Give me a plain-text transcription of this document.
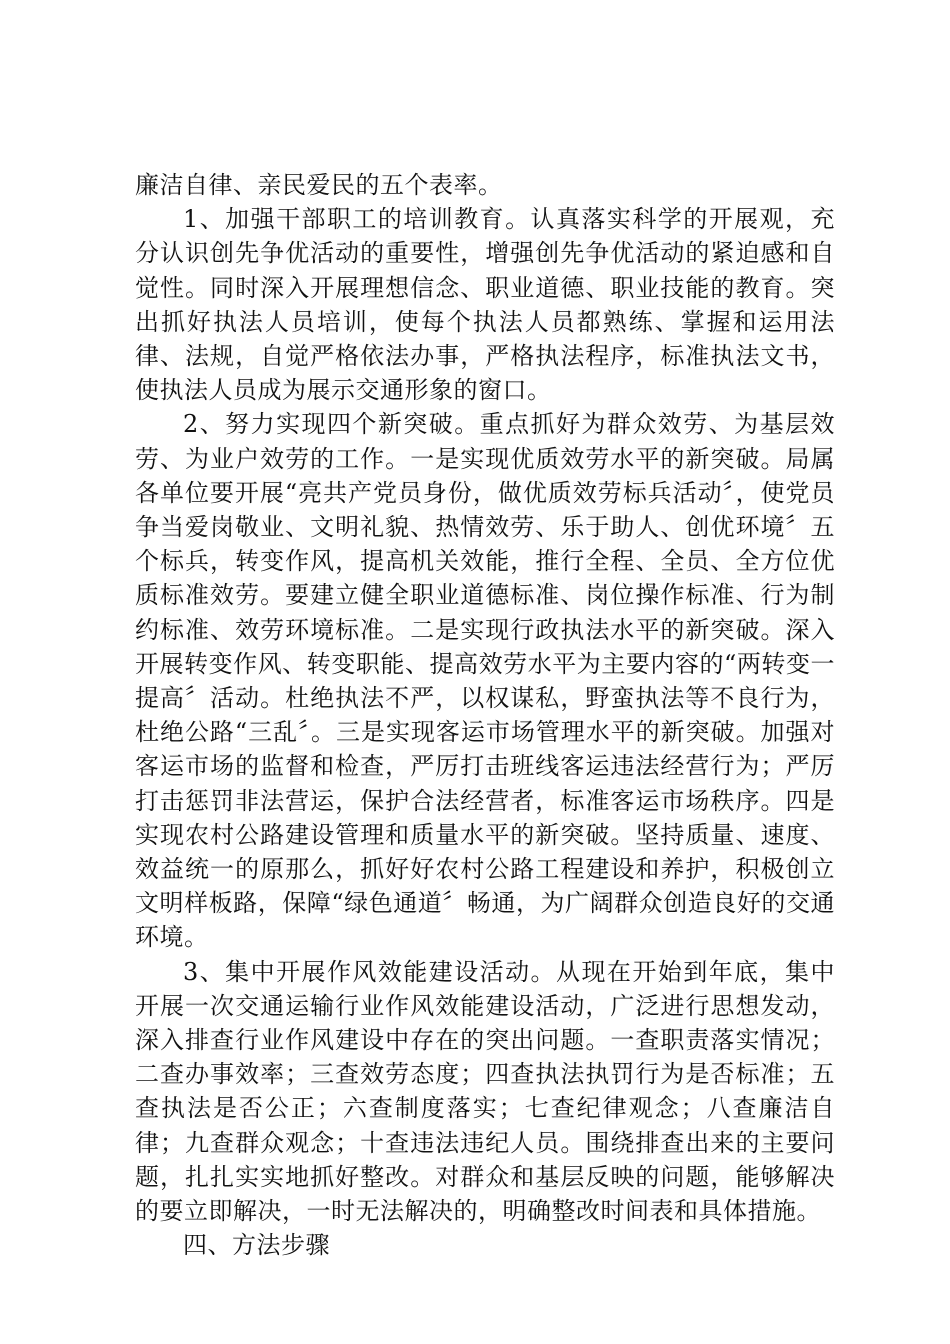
廉洁自律、亲民爱民的五个表率。

1、加强干部职工的培训教育。认真落实科学的开展观，充分认识创先争优活动的重要性，增强创先争优活动的紧迫感和自觉性。同时深入开展理想信念、职业道德、职业技能的教育。突出抓好执法人员培训，使每个执法人员都熟练、掌握和运用法律、法规，自觉严格依法办事，严格执法程序，标准执法文书，使执法人员成为展示交通形象的窗口。

2、努力实现四个新突破。重点抓好为群众效劳、为基层效劳、为业户效劳的工作。一是实现优质效劳水平的新突破。局属各单位要开展“亮共产党员身份，做优质效劳标兵活动〞，使党员争当爱岗敬业、文明礼貌、热情效劳、乐于助人、创优环境〞五个标兵，转变作风，提高机关效能，推行全程、全员、全方位优质标准效劳。要建立健全职业道德标准、岗位操作标准、行为制约标准、效劳环境标准。二是实现行政执法水平的新突破。深入开展转变作风、转变职能、提高效劳水平为主要内容的“两转变一提高〞活动。杜绝执法不严，以权谋私，野蛮执法等不良行为，杜绝公路“三乱〞。三是实现客运市场管理水平的新突破。加强对客运市场的监督和检查，严厉打击班线客运违法经营行为；严厉打击惩罚非法营运，保护合法经营者，标准客运市场秩序。四是实现农村公路建设管理和质量水平的新突破。坚持质量、速度、效益统一的原那么，抓好好农村公路工程建设和养护，积极创立文明样板路，保障“绿色通道〞畅通，为广阔群众创造良好的交通环境。

3、集中开展作风效能建设活动。从现在开始到年底，集中开展一次交通运输行业作风效能建设活动，广泛进行思想发动，深入排查行业作风建设中存在的突出问题。一查职责落实情况；二查办事效率；三查效劳态度；四查执法执罚行为是否标准；五查执法是否公正；六查制度落实；七查纪律观念；八查廉洁自律；九查群众观念；十查违法违纪人员。围绕排查出来的主要问题，扎扎实实地抓好整改。对群众和基层反映的问题，能够解决的要立即解决，一时无法解决的，明确整改时间表和具体措施。

四、方法步骤
